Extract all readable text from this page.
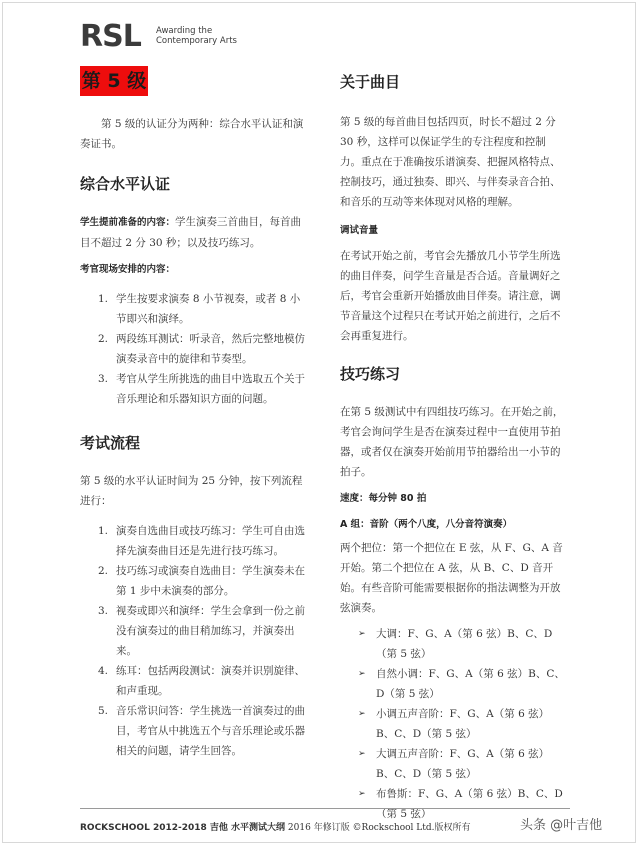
RSL Awarding the
Contemporary Arts
第 5 级

第 5 级的认证分为两种：综合水平认证和演奏证书。

综合水平认证

学生提前准备的内容：学生演奏三首曲目，每首曲目不超过 2 分 30 秒；以及技巧练习。

考官现场安排的内容：
1. 学生按要求演奏 8 小节视奏，或者 8 小节即兴和演绎。
2. 两段练耳测试：听录音，然后完整地模仿演奏录音中的旋律和节奏型。
3. 考官从学生所挑选的曲目中选取五个关于音乐理论和乐器知识方面的问题。
考试流程

第 5 级的水平认证时间为 25 分钟，按下列流程进行：

1. 演奏自选曲目或技巧练习：学生可自由选择先演奏曲目还是先进行技巧练习。
2. 技巧练习或演奏自选曲目：学生演奏未在第 1 步中未演奏的部分。
3. 视奏或即兴和演绎：学生会拿到一份之前没有演奏过的曲目稍加练习，并演奏出来。
4. 练耳：包括两段测试：演奏并识别旋律、和声重现。
5. 音乐常识问答：学生挑选一首演奏过的曲目，考官从中挑选五个与音乐理论或乐器相关的问题，请学生回答。
关于曲目

第 5 级的每首曲目包括四页，时长不超过 2 分 30 秒，这样可以保证学生的专注程度和控制力。重点在于准确按乐谱演奏、把握风格特点、控制技巧，通过独奏、即兴、与伴奏录音合拍、和音乐的互动等来体现对风格的理解。

调试音量

在考试开始之前，考官会先播放几小节学生所选的曲目伴奏，问学生音量是否合适。音量调好之后，考官会重新开始播放曲目伴奏。请注意，调节音量这个过程只在考试开始之前进行，之后不会再重复进行。

技巧练习

在第 5 级测试中有四组技巧练习。在开始之前，考官会询问学生是否在演奏过程中一直使用节拍器，或者仅在演奏开始前用节拍器给出一小节的拍子。

速度：每分钟 80 拍
A 组：音阶（两个八度，八分音符演奏）

两个把位：第一个把位在 E 弦，从 F、G、A 音开始。第二个把位在 A 弦，从 B、C、D 音开始。有些音阶可能需要根据你的指法调整为开放弦演奏。

➢ 大调：F、G、A（第 6 弦）B、C、D（第 5 弦）
➢ 自然小调：F、G、A（第 6 弦）B、C、D（第 5 弦）
➢ 小调五声音阶：F、G、A（第 6 弦）B、C、D（第 5 弦）
➢ 大调五声音阶：F、G、A（第 6 弦）B、C、D（第 5 弦）
➢ 布鲁斯：F、G、A（第 6 弦）B、C、D（第 5 弦）
ROCKSCHOOL 2012-2018 吉他 水平测试大纲 2016 年修订版 ©Rockschool Ltd.版权所有	头条 @叶吉他
